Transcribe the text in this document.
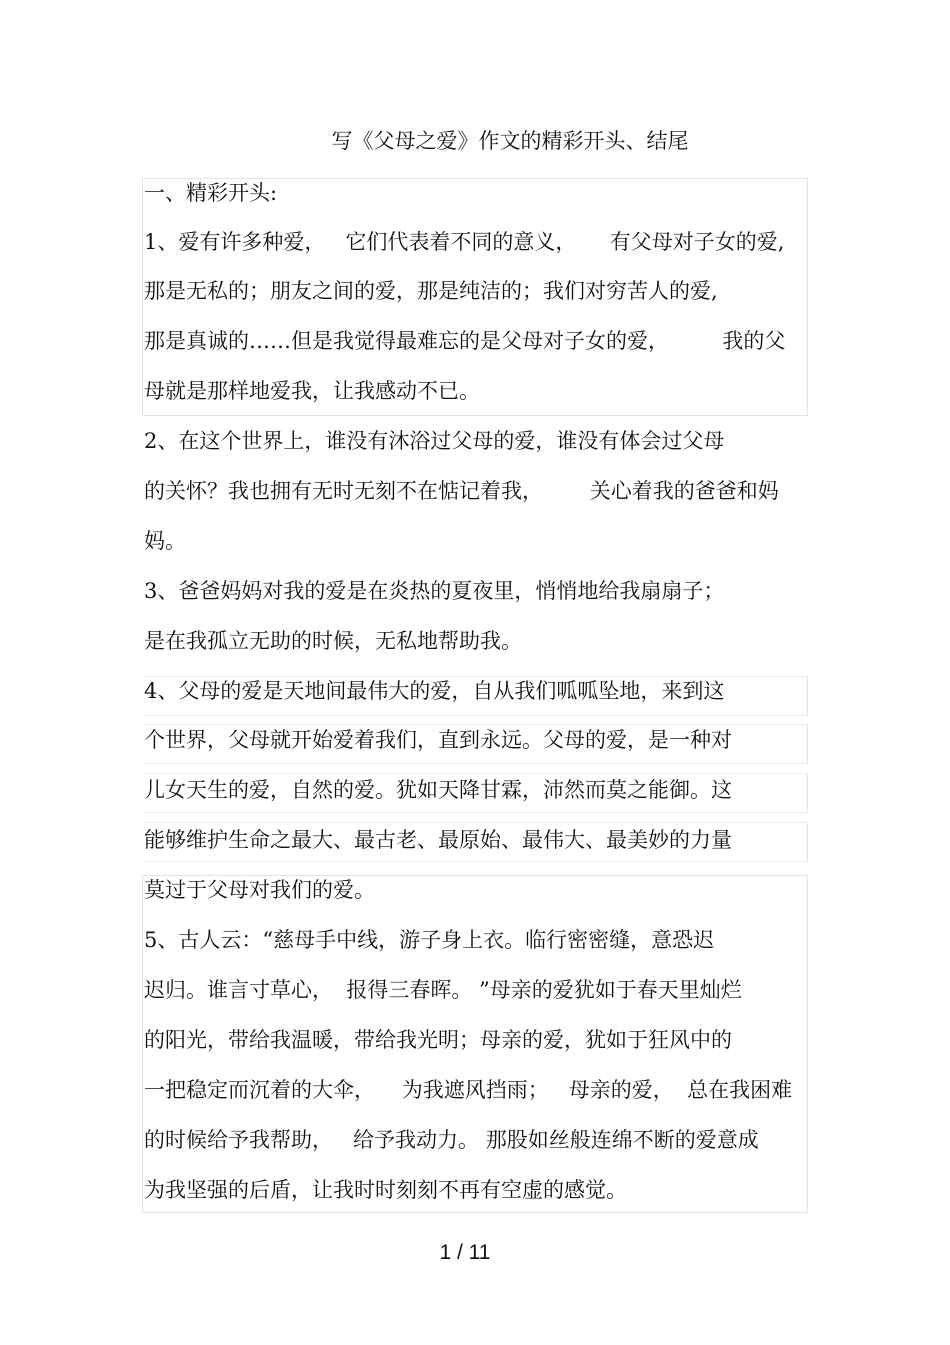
写《父母之爱》作文的精彩开头、结尾
一、精彩开头:
1、爱有许多种爱，   它们代表着不同的意义，     有父母对子女的爱,
那是无私的；朋友之间的爱，那是纯洁的；我们对穷苦人的爱,
那是真诚的……但是我觉得最难忘的是父母对子女的爱，        我的父
母就是那样地爱我，让我感动不已。
2、在这个世界上，谁没有沐浴过父母的爱，谁没有体会过父母
的关怀？我也拥有无时无刻不在惦记着我，       关心着我的爸爸和妈
妈。
3、爸爸妈妈对我的爱是在炎热的夏夜里，悄悄地给我扇扇子；
是在我孤立无助的时候，无私地帮助我。
4、父母的爱是天地间最伟大的爱，自从我们呱呱坠地，来到这
个世界，父母就开始爱着我们，直到永远。父母的爱，是一种对
儿女天生的爱，自然的爱。犹如天降甘霖，沛然而莫之能御。这
能够维护生命之最大、最古老、最原始、最伟大、最美妙的力量
莫过于父母对我们的爱。
5、古人云：“慈母手中线，游子身上衣。临行密密缝，意恐迟
迟归。谁言寸草心，  报得三春晖。 ”母亲的爱犹如于春天里灿烂
的阳光，带给我温暖，带给我光明；母亲的爱，犹如于狂风中的
一把稳定而沉着的大伞，    为我遮风挡雨；   母亲的爱，  总在我困难
的时候给予我帮助，   给予我动力。 那股如丝般连绵不断的爱意成
为我坚强的后盾，让我时时刻刻不再有空虚的感觉。
1 / 11
